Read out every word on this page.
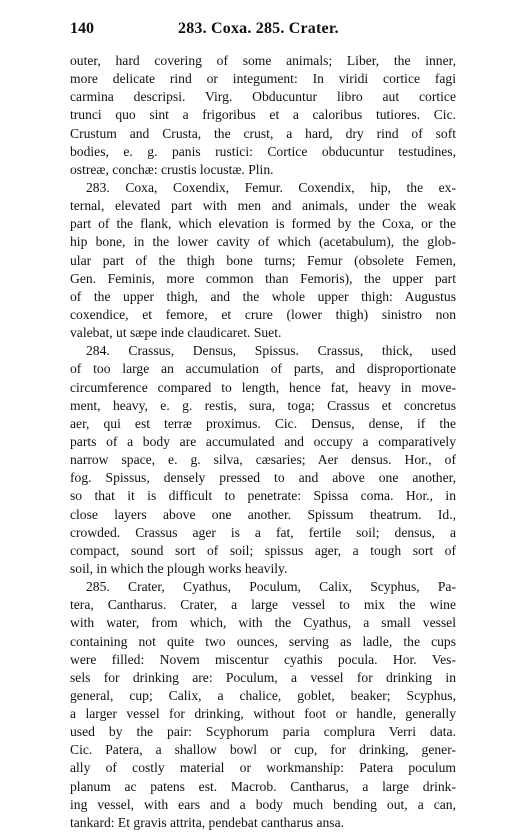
140	283. Coxa. 285. Crater.
outer, hard covering of some animals; Liber, the inner,
more delicate rind or integument: In viridi cortice fagi
carmina descripsi. Virg. Obducuntur libro aut cortice
trunci quo sint a frigoribus et a caloribus tutiores. Cic.
Crustum and Crusta, the crust, a hard, dry rind of soft
bodies, e. g. panis rustici: Cortice obducuntur testudines,
ostreæ, conchæ: crustis locustæ. Plin.
283. Coxa, Coxendix, Femur. Coxendix, hip, the ex-
ternal, elevated part with men and animals, under the weak
part of the flank, which elevation is formed by the Coxa, or the
hip bone, in the lower cavity of which (acetabulum), the glob-
ular part of the thigh bone turns; Femur (obsolete Femen,
Gen. Feminis, more common than Femoris), the upper part
of the upper thigh, and the whole upper thigh: Augustus
coxendice, et femore, et crure (lower thigh) sinistro non
valebat, ut sæpe inde claudicaret. Suet.
284. Crassus, Densus, Spissus. Crassus, thick, used
of too large an accumulation of parts, and disproportionate
circumference compared to length, hence fat, heavy in move-
ment, heavy, e. g. restis, sura, toga; Crassus et concretus
aer, qui est terræ proximus. Cic. Densus, dense, if the
parts of a body are accumulated and occupy a comparatively
narrow space, e. g. silva, cæsaries; Aer densus. Hor., of
fog. Spissus, densely pressed to and above one another,
so that it is difficult to penetrate: Spissa coma. Hor., in
close layers above one another. Spissum theatrum. Id.,
crowded. Crassus ager is a fat, fertile soil; densus, a
compact, sound sort of soil; spissus ager, a tough sort of
soil, in which the plough works heavily.
285. Crater, Cyathus, Poculum, Calix, Scyphus, Pa-
tera, Cantharus. Crater, a large vessel to mix the wine
with water, from which, with the Cyathus, a small vessel
containing not quite two ounces, serving as ladle, the cups
were filled: Novem miscentur cyathis pocula. Hor. Ves-
sels for drinking are: Poculum, a vessel for drinking in
general, cup; Calix, a chalice, goblet, beaker; Scyphus,
a larger vessel for drinking, without foot or handle, generally
used by the pair: Scyphorum paria complura Verri data.
Cic. Patera, a shallow bowl or cup, for drinking, gener-
ally of costly material or workmanship: Patera poculum
planum ac patens est. Macrob. Cantharus, a large drink-
ing vessel, with ears and a body much bending out, a can,
tankard: Et gravis attrita, pendebat cantharus ansa.
